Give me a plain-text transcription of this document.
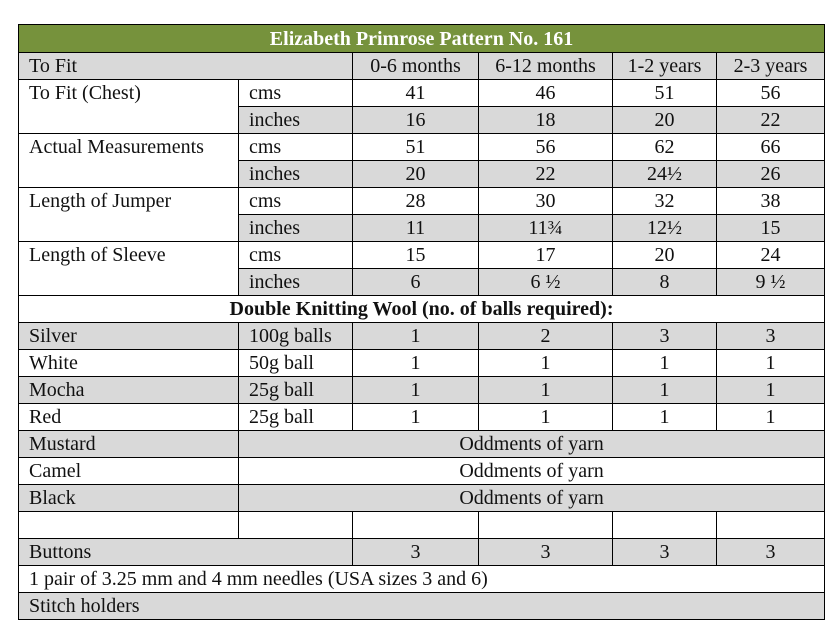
Elizabeth Primrose Pattern No. 161					
To Fit		0-6 months	6-12 months	1-2 years	2-3 years
To Fit (Chest)	cms	41	46	51	56
	inches	16	18	20	22
Actual Measurements	cms	51	56	62	66
	inches	20	22	24½	26
Length of Jumper	cms	28	30	32	38
	inches	11	11¾	12½	15
Length of Sleeve	cms	15	17	20	24
	inches	6	6 ½	8	9 ½
Double Knitting Wool (no. of balls required):					
Silver	100g balls	1	2	3	3
White	50g ball	1	1	1	1
Mocha	25g ball	1	1	1	1
Red	25g ball	1	1	1	1
Mustard	Oddments of yarn				
Camel	Oddments of yarn				
Black	Oddments of yarn				

Buttons		3	3	3	3
1 pair of 3.25 mm and 4 mm needles (USA sizes 3 and 6)					
Stitch holders					
